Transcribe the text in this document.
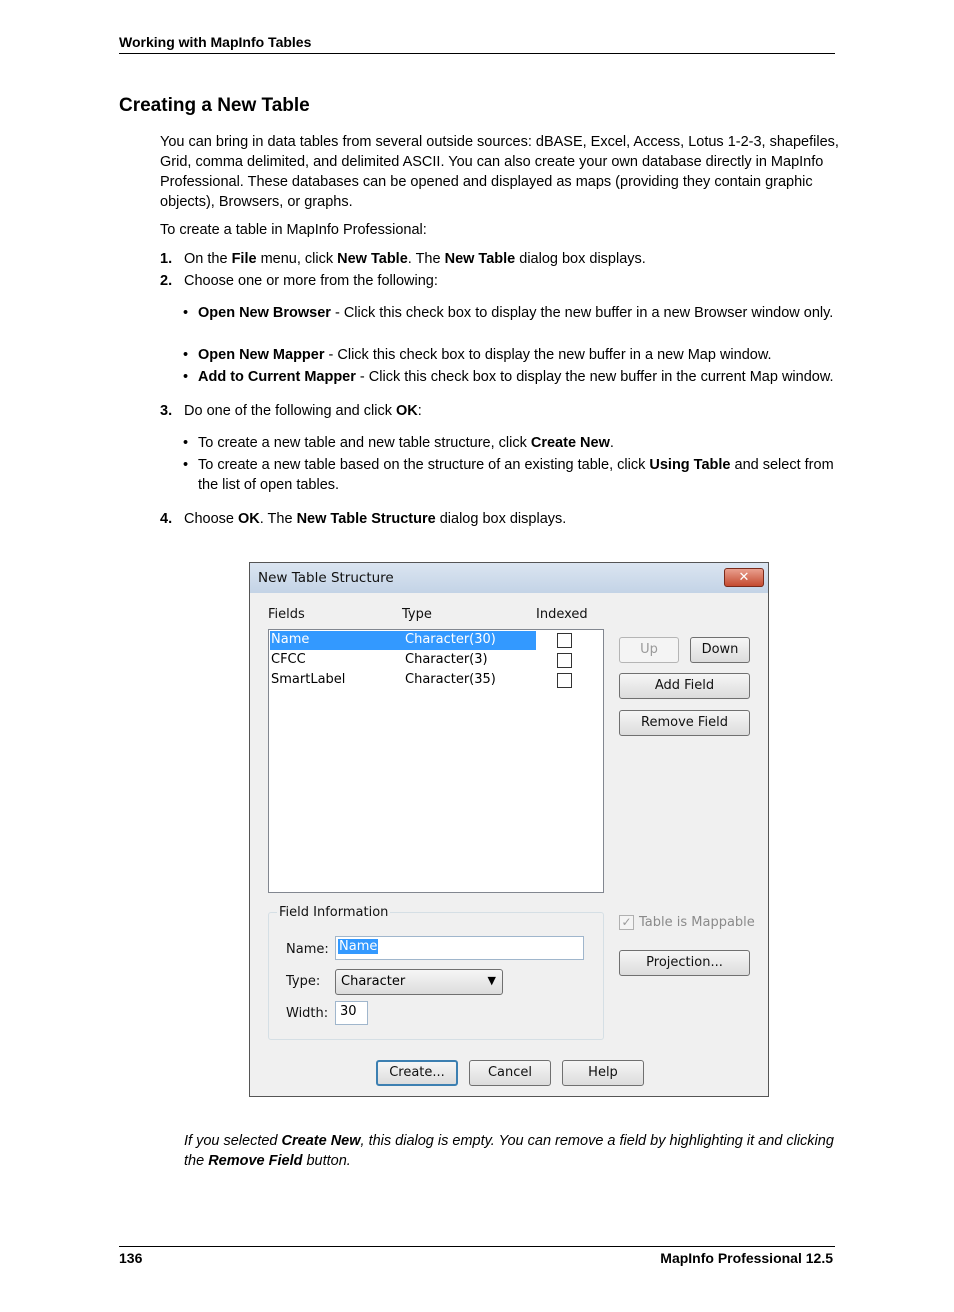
Working with MapInfo Tables
Creating a New Table

You can bring in data tables from several outside sources: dBASE, Excel, Access, Lotus 1-2-3, shapefiles, Grid, comma delimited, and delimited ASCII. You can also create your own database directly in MapInfo Professional. These databases can be opened and displayed as maps (providing they contain graphic objects), Browsers, or graphs.

To create a table in MapInfo Professional:

1. On the File menu, click New Table. The New Table dialog box displays.
2. Choose one or more from the following:
• Open New Browser - Click this check box to display the new buffer in a new Browser window only.
• Open New Mapper - Click this check box to display the new buffer in a new Map window.
• Add to Current Mapper - Click this check box to display the new buffer in the current Map window.
3. Do one of the following and click OK:
• To create a new table and new table structure, click Create New.
• To create a new table based on the structure of an existing table, click Using Table and select from the list of open tables.
4. Choose OK. The New Table Structure dialog box displays.
New Table Structure	✕
Fields	Type	Indexed
Name	Character(30)
CFCC	Character(3)
SmartLabel	Character(35)
Up	Down
Add Field
Remove Field
Field Information
Name: Name
Type: Character	▼
Width: 30
✓ Table is Mappable
Projection...
Create...	Cancel	Help
If you selected Create New, this dialog is empty. You can remove a field by highlighting it and clicking the Remove Field button.
136	MapInfo Professional 12.5
